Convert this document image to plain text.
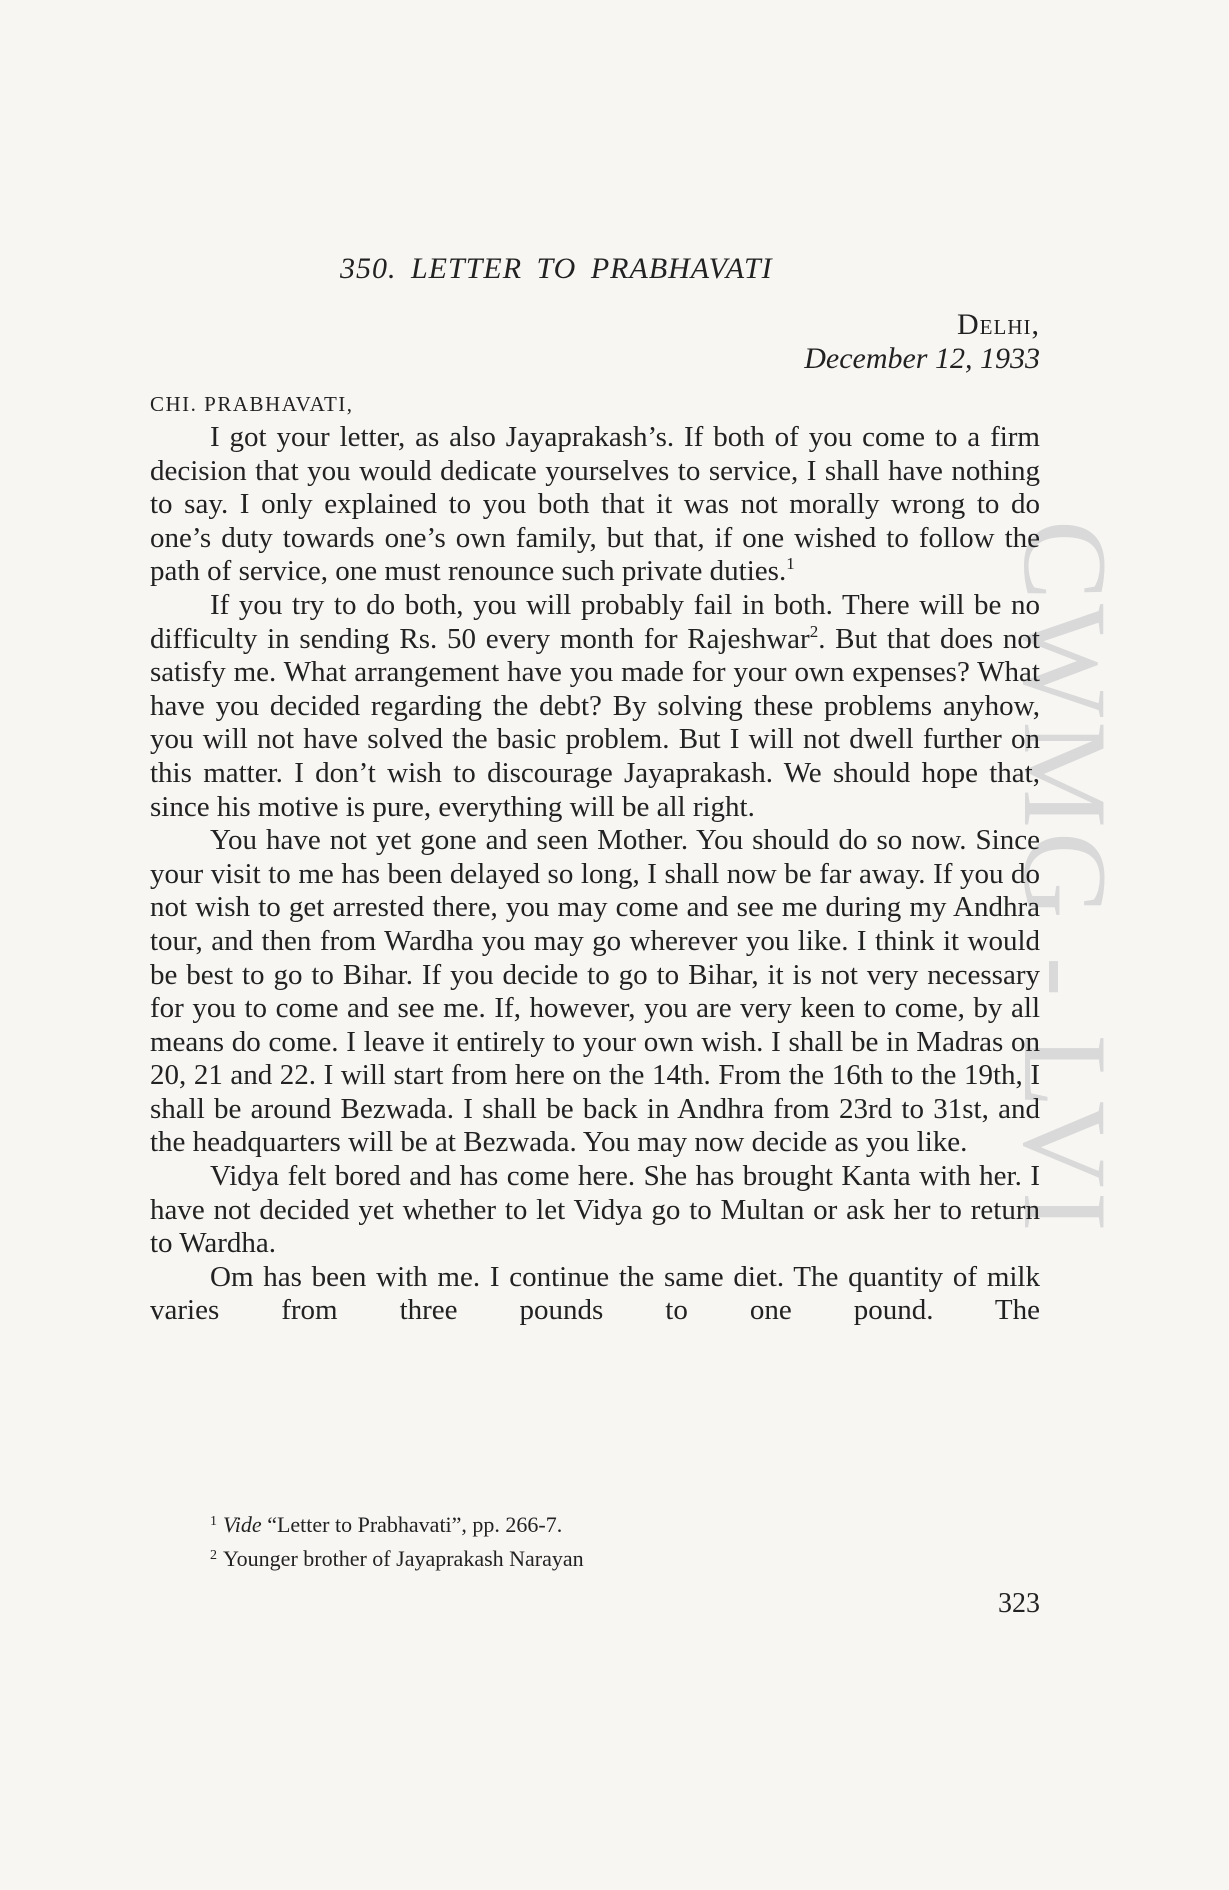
CWMG - LVI
350. LETTER TO PRABHAVATI
Delhi,
December 12, 1933
CHI. PRABHAVATI,

I got your letter, as also Jayaprakash’s. If both of you come to a firm decision that you would dedicate yourselves to service, I shall have nothing to say. I only explained to you both that it was not morally wrong to do one’s duty towards one’s own family, but that, if one wished to follow the path of service, one must renounce such private duties.$^1$

If you try to do both, you will probably fail in both. There will be no difficulty in sending Rs. 50 every month for Rajeshwar$^2$. But that does not satisfy me. What arrangement have you made for your own expenses? What have you decided regarding the debt? By solving these problems anyhow, you will not have solved the basic problem. But I will not dwell further on this matter. I don’t wish to discourage Jayaprakash. We should hope that, since his motive is pure, everything will be all right.

You have not yet gone and seen Mother. You should do so now. Since your visit to me has been delayed so long, I shall now be far away. If you do not wish to get arrested there, you may come and see me during my Andhra tour, and then from Wardha you may go wherever you like. I think it would be best to go to Bihar. If you decide to go to Bihar, it is not very necessary for you to come and see me. If, however, you are very keen to come, by all means do come. I leave it entirely to your own wish. I shall be in Madras on 20, 21 and 22. I will start from here on the 14th. From the 16th to the 19th, I shall be around Bezwada. I shall be back in Andhra from 23rd to 31st, and the headquarters will be at Bezwada. You may now decide as you like.

Vidya felt bored and has come here. She has brought Kanta with her. I have not decided yet whether to let Vidya go to Multan or ask her to return to Wardha.

Om has been with me. I continue the same diet. The quantity of milk varies from three pounds to one pound. The

$^1$ Vide “Letter to Prabhavati”, pp. 266-7.
$^2$ Younger brother of Jayaprakash Narayan
323
